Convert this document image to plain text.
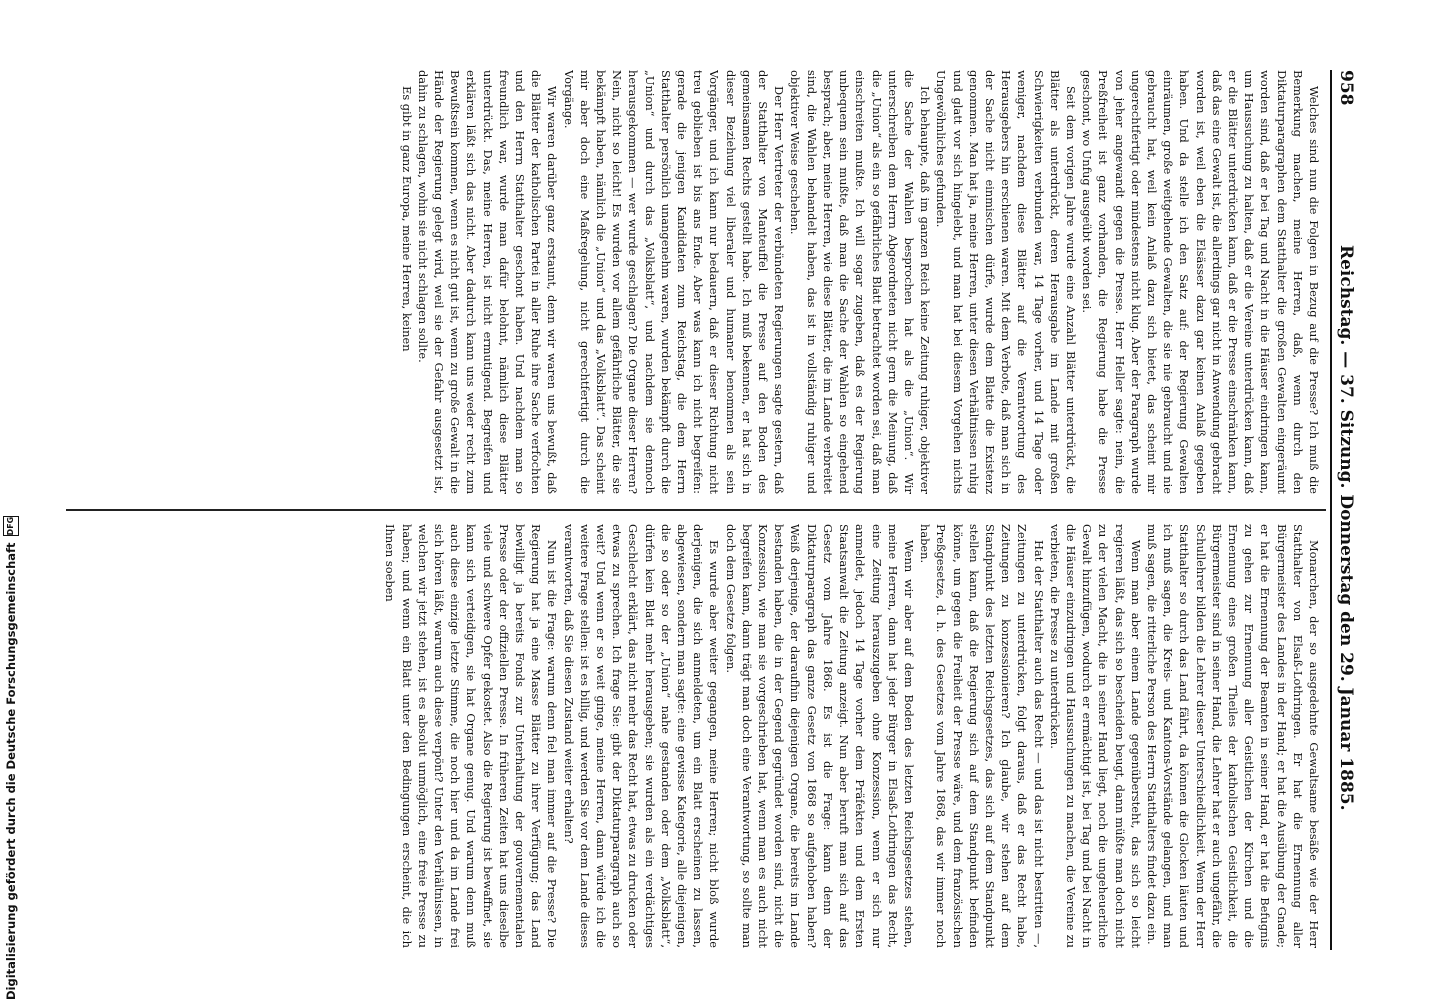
958
Reichstag. — 37. Sitzung. Donnerstag den 29. Januar 1885.

Welches sind nun die Folgen in Bezug auf die Presse? Ich muß die Bemerkung machen, meine Herren, daß, wenn durch den Diktaturparagraphen dem Statthalter die großen Gewalten eingeräumt worden sind, daß er bei Tag und Nacht in die Häuser eindringen kann, um Haussuchung zu halten, daß er die Vereine unterdrücken kann, daß er die Blätter unterdrücken kann, daß er die Presse einschränken kann, daß das eine Gewalt ist, die allerdings gar nicht in Anwendung gebracht worden ist, weil eben die Elsässer dazu gar keinen Anlaß gegeben haben. Und da stelle ich den Satz auf: der Regierung Gewalten einräumen, große weitgehende Gewalten, die sie nie gebraucht und nie gebraucht hat, weil kein Anlaß dazu sich bietet, das scheint mir ungerechtfertigt oder mindestens nicht klug. Aber der Paragraph wurde von jeher angewandt gegen die Presse. Herr Heller sagte: nein, die Preßfreiheit ist ganz vorhanden, die Regierung habe die Presse geschont, wo Unfug ausgeübt worden sei.

Seit dem vorigen Jahre wurde eine Anzahl Blätter unterdrückt, die Blätter als unterdrückt, deren Herausgabe im Lande mit großen Schwierigkeiten verbunden war, 14 Tage vorher, und 14 Tage oder weniger, nachdem diese Blätter auf die Verantwortung des Herausgebers hin erschienen waren. Mit dem Verbote, daß man sich in der Sache nicht einmischen dürfe, wurde dem Blatte die Existenz genommen. Man hat ja, meine Herren, unter diesen Verhältnissen ruhig und glatt vor sich hingelebt, und man hat bei diesem Vorgehen nichts Ungewöhnliches gefunden.

Ich behaupte, daß im ganzen Reich keine Zeitung ruhiger, objektiver die Sache der Wahlen besprochen hat als die „Union“. Wir unterschreiben dem Herrn Abgeordneten nicht gern die Meinung, daß die „Union“ als ein so gefährliches Blatt betrachtet worden sei, daß man einschreiten mußte. Ich will sogar zugeben, daß es der Regierung unbequem sein mußte, daß man die Sache der Wahlen so eingehend besprach; aber, meine Herren, wie diese Blätter, die im Lande verbreitet sind, die Wahlen behandelt haben, das ist in vollständig ruhiger und objektiver Weise geschehen.

Der Herr Vertreter der verbündeten Regierungen sagte gestern, daß der Statthalter von Manteuffel die Presse auf den Boden des gemeinsamen Rechts gestellt habe. Ich muß bekennen, er hat sich in dieser Beziehung viel liberaler und humaner benommen als sein Vorgänger, und ich kann nur bedauern, daß er dieser Richtung nicht treu geblieben ist bis ans Ende. Aber was kann ich nicht begreifen: gerade die jenigen Kandidaten zum Reichstag, die dem Herrn Statthalter persönlich unangenehm waren, wurden bekämpft durch die „Union“ und durch das „Volksblatt“, und nachdem sie dennoch herausgekommen — wer wurde geschlagen? Die Organe dieser Herren? Nein, nicht so leicht! Es wurden vor allem gefährliche Blätter, die sie bekämpft haben, nämlich die „Union“ und das „Volksblatt“. Das scheint mir aber doch eine Maßregelung, nicht gerechtfertigt durch die Vorgänge.

Wir waren darüber ganz erstaunt, denn wir waren uns bewußt, daß die Blätter der katholischen Partei in aller Ruhe ihre Sache verfochten und den Herrn Statthalter geschont haben. Und nachdem man so freundlich war, wurde man dafür belohnt, nämlich diese Blätter unterdrückt. Das, meine Herren, ist nicht ermutigend. Begreifen und erklären läßt sich das nicht. Aber dadurch kann uns weder recht zum Bewußtsein kommen, wenn es nicht gut ist, wenn zu große Gewalt in die Hände der Regierung gelegt wird, weil sie der Gefahr ausgesetzt ist, dahin zu schlagen, wohin sie nicht schlagen sollte.

Es gibt in ganz Europa, meine Herren, keinen

Monarchen, der so ausgedehnte Gewaltsame besäße wie der Herr Statthalter von Elsaß-Lothringen. Er hat die Ernennung aller Bürgermeister des Landes in der Hand; er hat die Ausübung der Gnade; er hat die Ernennung der Beamten in seiner Hand, er hat die Befugnis zu gehen zur Ernennung aller Geistlichen der Kirchen und die Ernennung eines großen Theiles der katholischen Geistlichkeit, die Bürgermeister sind in seiner Hand, die Lehrer hat er auch ungefähr, die Schullehrer bilden die Lehrer dieser Unterschiedlichkeit. Wenn der Herr Statthalter so durch das Land fährt, da können die Glocken läuten und ich muß sagen, die Kreis- und Kantons-Vorstände gelangen, und man muß sagen, die ritterliche Person des Herrn Statthalters findet dazu ein.

Wenn man aber einem Lande gegenübersteht, das sich so leicht regieren läßt, das sich so bescheiden beugt, dann müßte man doch nicht zu der vielen Macht, die in seiner Hand liegt, noch die ungeheuerliche Gewalt hinzufügen, wodurch er ermächtigt ist, bei Tag und bei Nacht in die Häuser einzudringen und Haussuchungen zu machen, die Vereine zu verbieten, die Presse zu unterdrücken.

Hat der Statthalter auch das Recht — und das ist nicht bestritten —, Zeitungen zu unterdrücken, folgt daraus, daß er das Recht habe, Zeitungen zu konzessionieren? Ich glaube, wir stehen auf dem Standpunkt des letzten Reichsgesetzes, das sich auf dem Standpunkt stellen kann, daß die Regierung sich auf dem Standpunkt befinden könne, um gegen die Freiheit der Presse wäre, und dem französischen Preßgesetze, d. h. des Gesetzes vom Jahre 1868, das wir immer noch haben.

Wenn wir aber auf dem Boden des letzten Reichsgesetzes stehen, meine Herren, dann hat jeder Bürger in Elsaß-Lothringen das Recht, eine Zeitung herauszugeben ohne Konzession, wenn er sich nur anmeldet, jedoch 14 Tage vorher dem Präfekten und dem Ersten Staatsanwalt die Zeitung anzeigt. Nun aber beruft man sich auf das Gesetz vom Jahre 1868. Es ist die Frage: kann denn der Diktaturparagraph das ganze Gesetz von 1868 so aufgehoben haben? Weiß derjenige, der daraufhin diejenigen Organe, die bereits im Lande bestanden haben, die in der Gegend gegründet worden sind, nicht die Konzession, wie man sie vorgeschrieben hat, wenn man es auch nicht begreifen kann, dann trägt man doch eine Verantwortung, so sollte man doch dem Gesetze folgen.

Es wurde aber weiter gegangen, meine Herren; nicht bloß wurde derjenigen, die sich anmeldeten, um ein Blatt erscheinen zu lassen, abgewiesen, sondern man sagte: eine gewisse Kategorie, alle diejenigen, die so oder so der „Union“ nahe gestanden oder dem „Volksblatt“, dürfen kein Blatt mehr herausgeben; sie wurden als ein verdächtiges Geschlecht erklärt, das nicht mehr das Recht hat, etwas zu drucken oder etwas zu sprechen. Ich frage Sie: gibt der Diktaturparagraph auch so weit? Und wenn er so weit ginge, meine Herren, dann würde ich die weitere Frage stellen: ist es billig, und werden Sie vor dem Lande dieses verantworten, daß Sie diesen Zustand weiter erhalten?

Nun ist die Frage: warum denn fiel man immer auf die Presse? Die Regierung hat ja eine Masse Blätter zu ihrer Verfügung; das Land bewilligt ja bereits Fonds zur Unterhaltung der gouvernementalen Presse oder der offiziellen Presse. In früheren Zeiten hat uns dieselbe viele und schwere Opfer gekostet. Also die Regierung ist bewaffnet, sie kann sich verteidigen, sie hat Organe genug. Und warum denn muß auch diese einzige letzte Stimme, die noch hier und da im Lande frei sich hören läßt, warum auch diese verpönt? Unter den Verhältnissen, in welchen wir jetzt stehen, ist es absolut unmöglich, eine freie Presse zu haben; und wenn ein Blatt unter den Bedingungen erscheint, die ich Ihnen soeben

Digitalisierung gefördert durch die Deutsche Forschungsgemeinschaft
DFG
